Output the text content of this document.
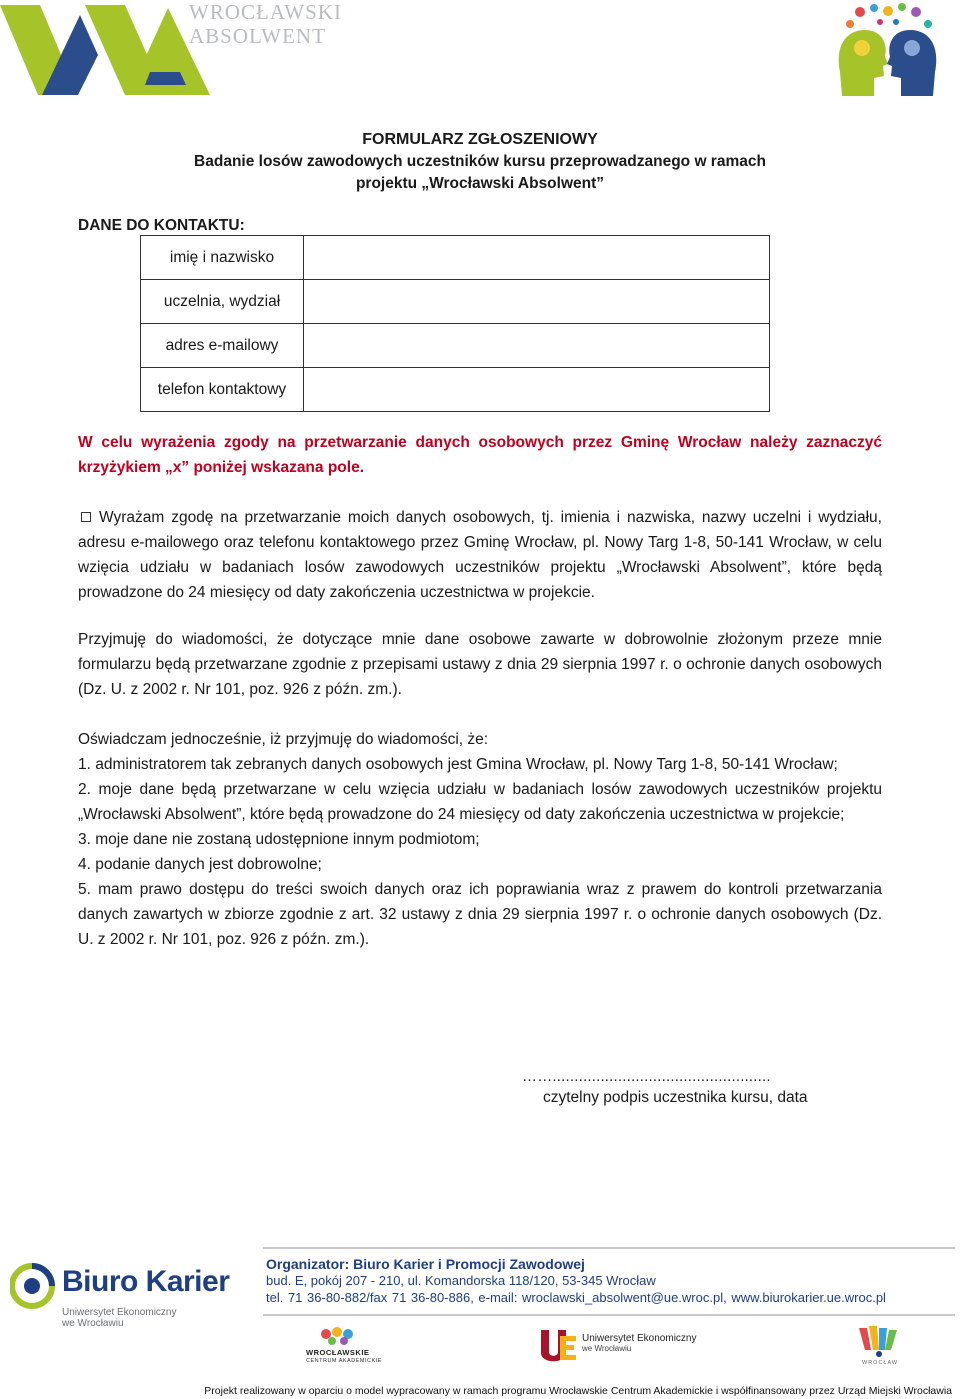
WROCŁAWSKI
ABSOLWENT
FORMULARZ ZGŁOSZENIOWY
Badanie losów zawodowych uczestników kursu przeprowadzanego w ramach
projektu „Wrocławski Absolwent”
DANE DO KONTAKTU:
imię i nazwisko	
uczelnia, wydział	
adres e-mailowy	
telefon kontaktowy	
W celu wyrażenia zgody na przetwarzanie danych osobowych przez Gminę Wrocław należy zaznaczyć krzyżykiem „x” poniżej wskazana pole.
Wyrażam zgodę na przetwarzanie moich danych osobowych, tj. imienia i nazwiska, nazwy uczelni i wydziału, adresu e-mailowego oraz telefonu kontaktowego przez Gminę Wrocław, pl. Nowy Targ 1-8, 50-141 Wrocław, w celu wzięcia udziału w badaniach losów zawodowych uczestników projektu „Wrocławski Absolwent”, które będą prowadzone do 24 miesięcy od daty zakończenia uczestnictwa w projekcie.
Przyjmuję do wiadomości, że dotyczące mnie dane osobowe zawarte w dobrowolnie złożonym przeze mnie formularzu będą przetwarzane zgodnie z przepisami ustawy z dnia 29 sierpnia 1997 r. o ochronie danych osobowych (Dz. U. z 2002 r. Nr 101, poz. 926 z późn. zm.).
Oświadczam jednocześnie, iż przyjmuję do wiadomości, że:
1. administratorem tak zebranych danych osobowych jest Gmina Wrocław, pl. Nowy Targ 1-8, 50-141 Wrocław;
2. moje dane będą przetwarzane w celu wzięcia udziału w badaniach losów zawodowych uczestników projektu „Wrocławski Absolwent”, które będą prowadzone do 24 miesięcy od daty zakończenia uczestnictwa w projekcie;
3. moje dane nie zostaną udostępnione innym podmiotom;
4. podanie danych jest dobrowolne;
5. mam prawo dostępu do treści swoich danych oraz ich poprawiania wraz z prawem do kontroli przetwarzania danych zawartych w zbiorze zgodnie z art. 32 ustawy z dnia 29 sierpnia 1997 r. o ochronie danych osobowych (Dz. U. z 2002 r. Nr 101, poz. 926 z późn. zm.).
……..................................................
czytelny podpis uczestnika kursu, data
Organizator: Biuro Karier i Promocji Zawodowej
bud. E, pokój 207 - 210, ul. Komandorska 118/120, 53-345 Wrocław
tel. 71 36-80-882/fax 71 36-80-886, e-mail: wroclawski_absolwent@ue.wroc.pl, www.biurokarier.ue.wroc.pl
Biuro Karier
Uniwersytet Ekonomiczny
we Wrocławiu
WROCŁAWSKIE
CENTRUM AKADEMICKIE
Uniwersytet Ekonomiczny
we Wrocławiu
WROCŁAW
Projekt realizowany w oparciu o model wypracowany w ramach programu Wrocławskie Centrum Akademickie i współfinansowany przez Urząd Miejski Wrocławia
